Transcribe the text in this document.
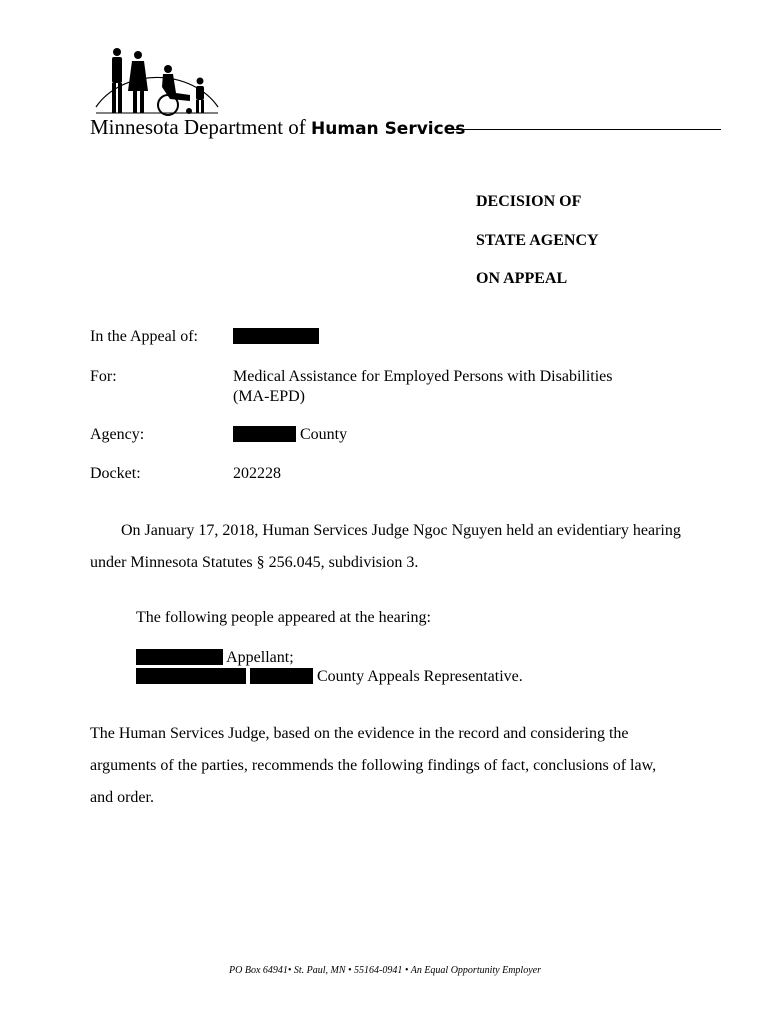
Minnesota Department of Human Services
DECISION OF
STATE AGENCY
ON APPEAL
In the Appeal of:
For:	Medical Assistance for Employed Persons with Disabilities
(MA-EPD)
Agency:	County
Docket:	202228
On January 17, 2018, Human Services Judge Ngoc Nguyen held an evidentiary hearing under Minnesota Statutes § 256.045, subdivision 3.
The following people appeared at the hearing:
Appellant;
County Appeals Representative.
The Human Services Judge, based on the evidence in the record and considering the arguments of the parties, recommends the following findings of fact, conclusions of law, and order.
PO Box 64941• St. Paul, MN • 55164-0941 • An Equal Opportunity Employer
